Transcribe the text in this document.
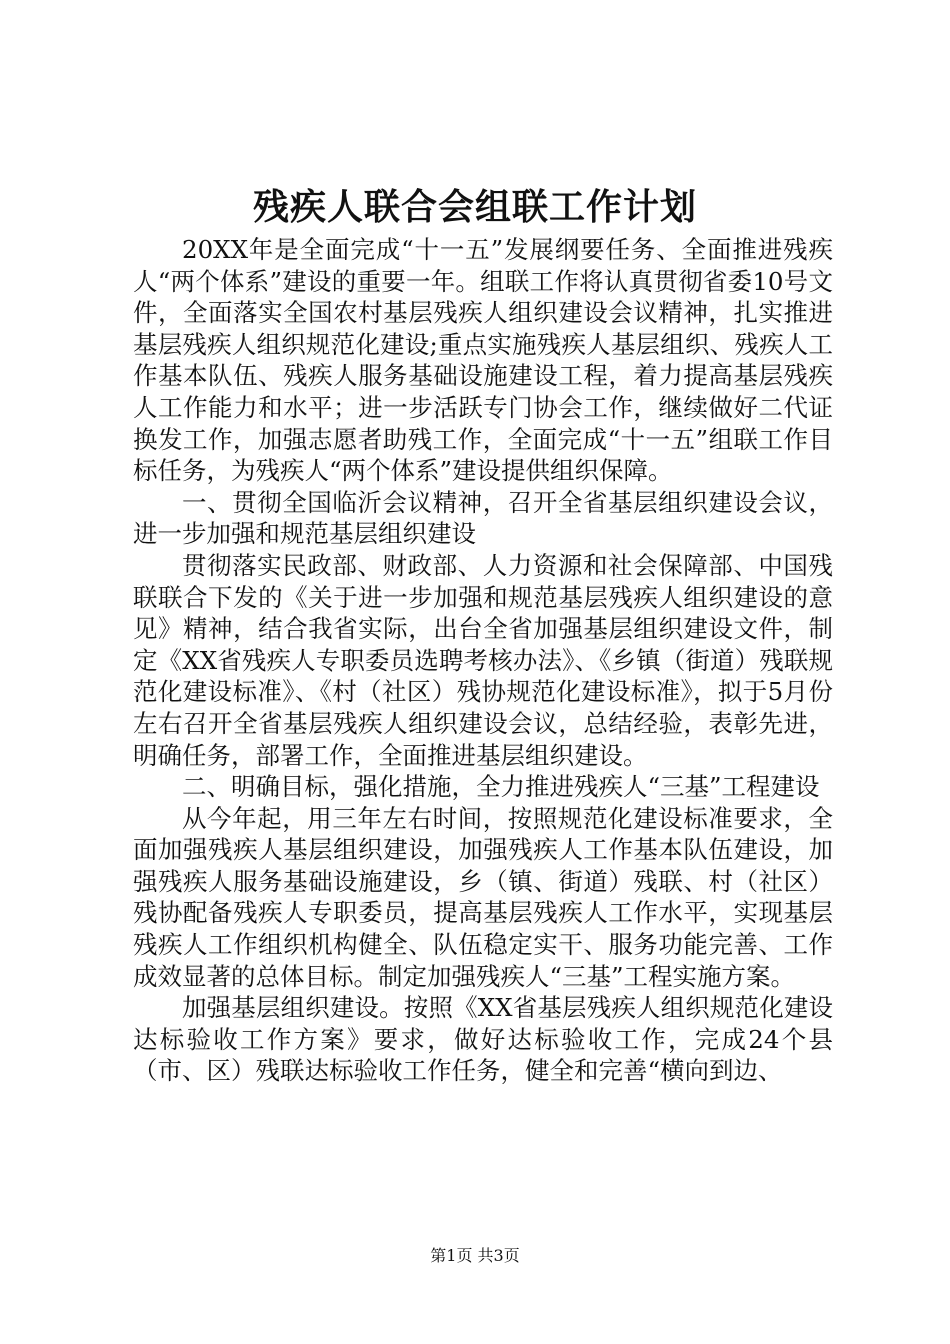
残疾人联合会组联工作计划

20XX年是全面完成“十一五”发展纲要任务、全面推进残疾人“两个体系”建设的重要一年。组联工作将认真贯彻省委10号文件，全面落实全国农村基层残疾人组织建设会议精神，扎实推进基层残疾人组织规范化建设;重点实施残疾人基层组织、残疾人工作基本队伍、残疾人服务基础设施建设工程，着力提高基层残疾人工作能力和水平；进一步活跃专门协会工作，继续做好二代证换发工作，加强志愿者助残工作，全面完成“十一五”组联工作目标任务，为残疾人“两个体系”建设提供组织保障。

一、贯彻全国临沂会议精神，召开全省基层组织建设会议，进一步加强和规范基层组织建设

贯彻落实民政部、财政部、人力资源和社会保障部、中国残联联合下发的《关于进一步加强和规范基层残疾人组织建设的意见》精神，结合我省实际，出台全省加强基层组织建设文件，制定《XX省残疾人专职委员选聘考核办法》、《乡镇（街道）残联规范化建设标准》、《村（社区）残协规范化建设标准》，拟于5月份左右召开全省基层残疾人组织建设会议，总结经验，表彰先进，明确任务，部署工作，全面推进基层组织建设。

二、明确目标，强化措施，全力推进残疾人“三基”工程建设

从今年起，用三年左右时间，按照规范化建设标准要求，全面加强残疾人基层组织建设，加强残疾人工作基本队伍建设，加强残疾人服务基础设施建设，乡（镇、街道）残联、村（社区）残协配备残疾人专职委员，提高基层残疾人工作水平，实现基层残疾人工作组织机构健全、队伍稳定实干、服务功能完善、工作成效显著的总体目标。制定加强残疾人“三基”工程实施方案。

加强基层组织建设。按照《XX省基层残疾人组织规范化建设达标验收工作方案》要求，做好达标验收工作，完成24个县（市、区）残联达标验收工作任务，健全和完善“横向到边、

第1页 共3页
